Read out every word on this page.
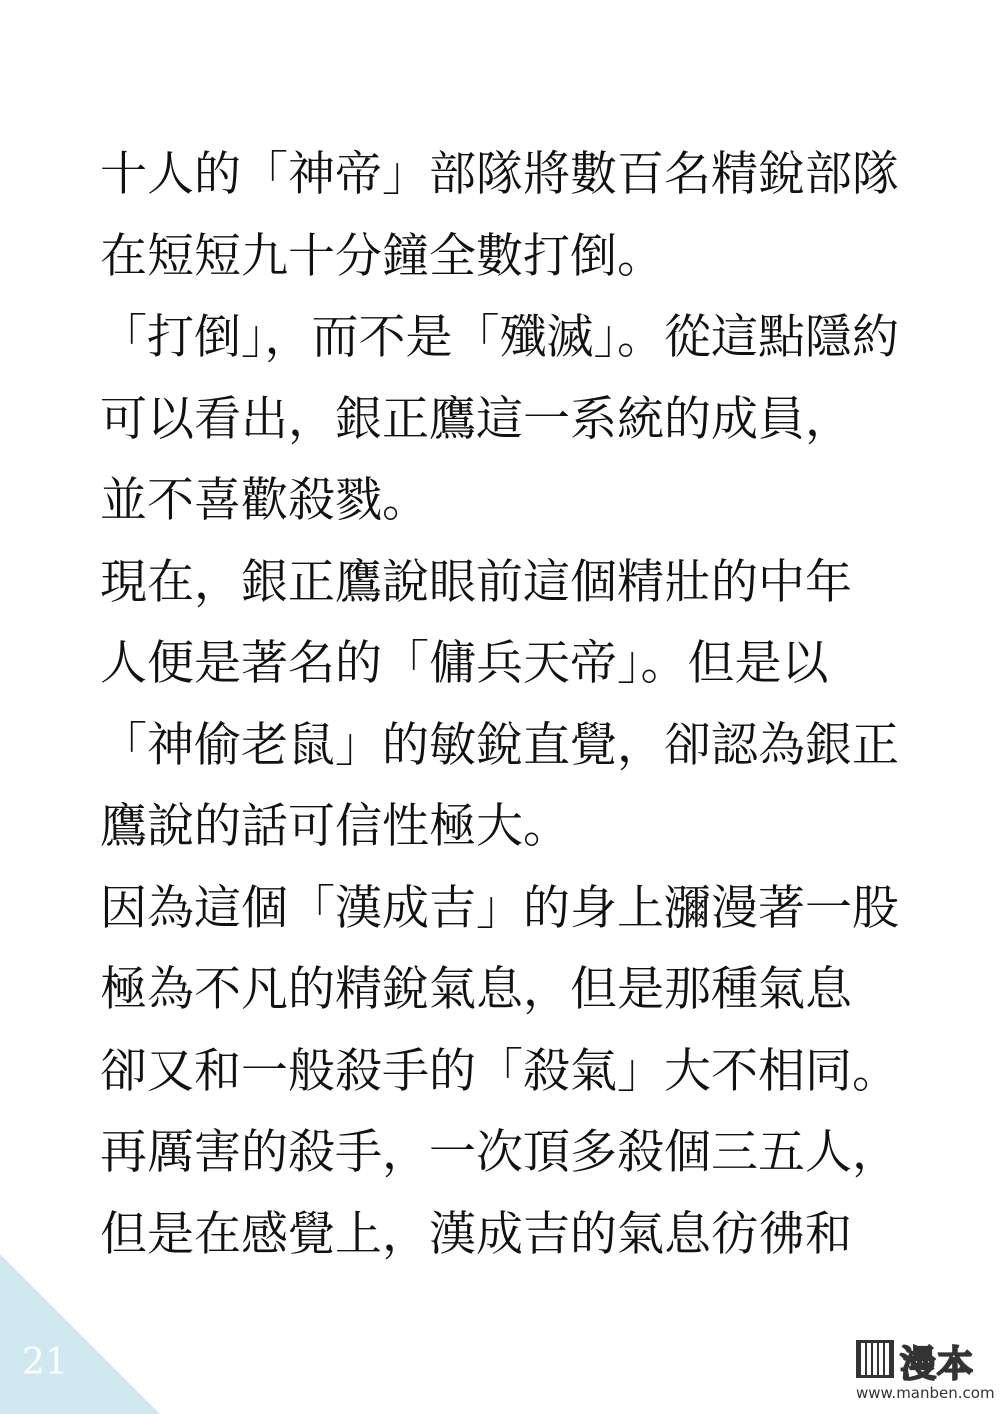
十人的「神帝」部隊將數百名精銳部隊
在短短九十分鐘全數打倒。
「打倒」，而不是「殲滅」。從這點隱約
可以看出，銀正鷹這一系統的成員，
並不喜歡殺戮。
現在，銀正鷹說眼前這個精壯的中年
人便是著名的「傭兵天帝」。但是以
「神偷老鼠」的敏銳直覺，卻認為銀正
鷹說的話可信性極大。
因為這個「漢成吉」的身上瀰漫著一股
極為不凡的精銳氣息，但是那種氣息
卻又和一般殺手的「殺氣」大不相同。
再厲害的殺手，一次頂多殺個三五人，
但是在感覺上，漢成吉的氣息彷彿和
21	漫本
www.manben.com
